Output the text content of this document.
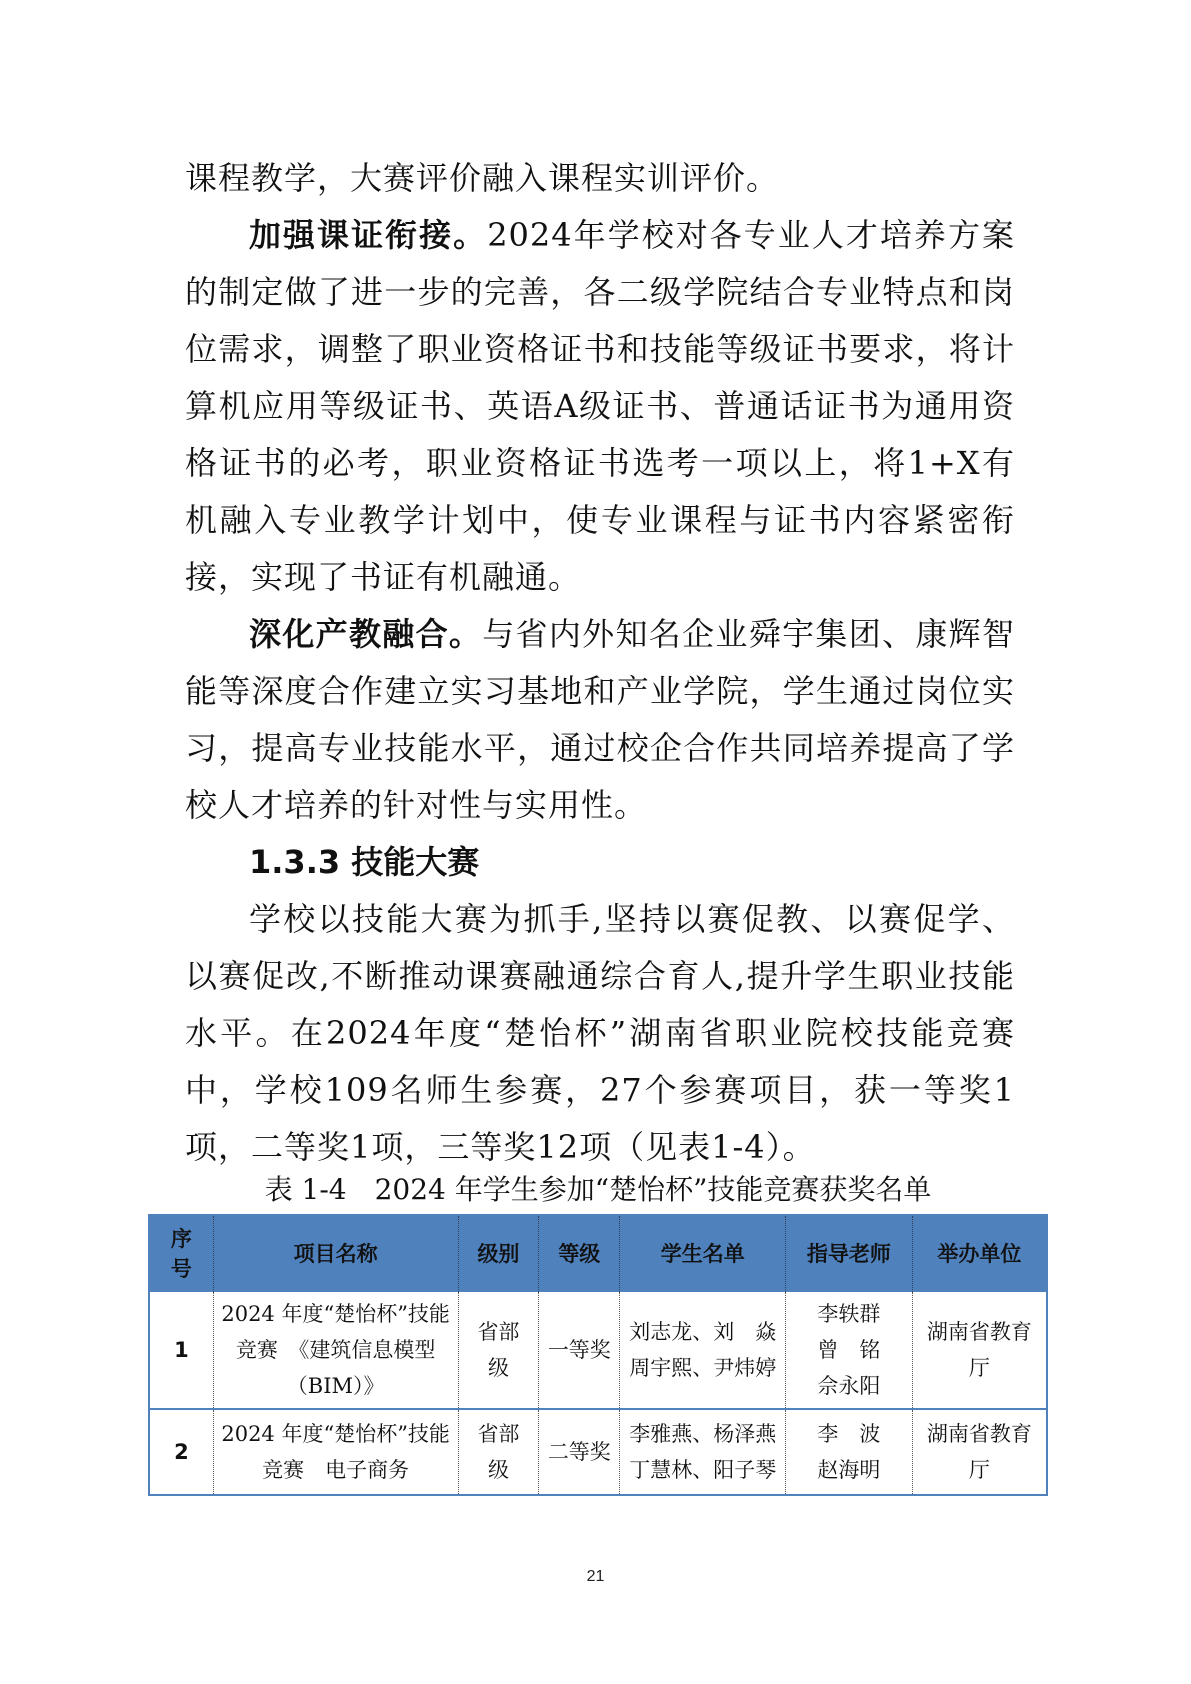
课程教学，大赛评价融入课程实训评价。

加强课证衔接。2024年学校对各专业人才培养方案的制定做了进一步的完善，各二级学院结合专业特点和岗位需求，调整了职业资格证书和技能等级证书要求，将计算机应用等级证书、英语A级证书、普通话证书为通用资格证书的必考，职业资格证书选考一项以上，将1+X有机融入专业教学计划中，使专业课程与证书内容紧密衔接，实现了书证有机融通。

深化产教融合。与省内外知名企业舜宇集团、康辉智能等深度合作建立实习基地和产业学院，学生通过岗位实习，提高专业技能水平，通过校企合作共同培养提高了学校人才培养的针对性与实用性。

1.3.3 技能大赛

学校以技能大赛为抓手,坚持以赛促教、以赛促学、以赛促改,不断推动课赛融通综合育人,提升学生职业技能水平。在2024年度“楚怡杯”湖南省职业院校技能竞赛中，学校109名师生参赛，27个参赛项目，获一等奖1项，二等奖1项，三等奖12项（见表1-4）。

表 1-4　2024 年学生参加“楚怡杯”技能竞赛获奖名单
序号	项目名称	级别	等级	学生名单	指导老师	举办单位
1	2024 年度“楚怡杯”技能竞赛　《建筑信息模型（BIM）》	省部级	一等奖	刘志龙、刘　焱 周宇熙、尹炜婷	李轶群 曾　铭 佘永阳	湖南省教育厅
2	2024 年度“楚怡杯”技能竞赛　电子商务	省部级	二等奖	李雅燕、杨泽燕 丁慧林、阳子琴	李　波 赵海明	湖南省教育厅
21
